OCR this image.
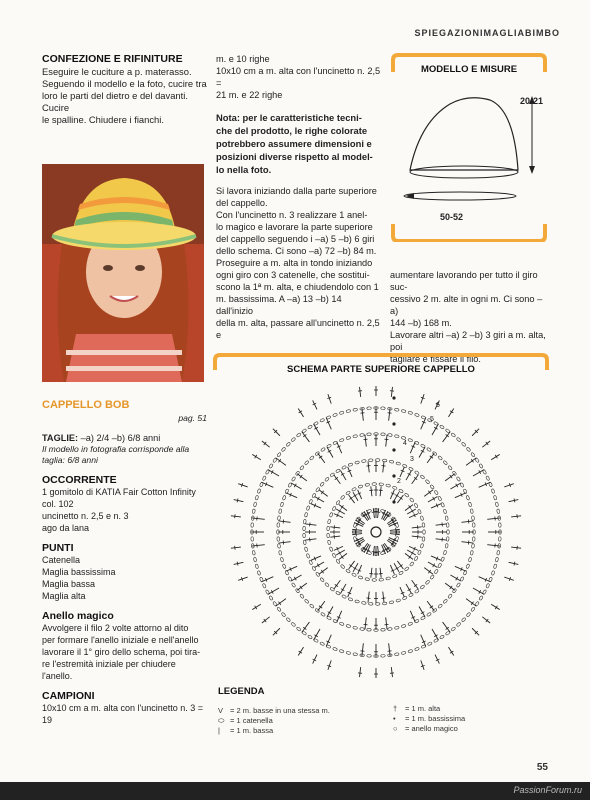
SPIEGAZIONIMAGLIABIMBO
CONFEZIONE E RIFINITURE
Eseguire le cuciture a p. materasso.
Seguendo il modello e la foto, cucire tra
loro le parti del dietro e del davanti. Cucire
le spalline. Chiudere i fianchi.
m. e 10 righe
10x10 cm a m. alta con l'uncinetto n. 2,5 =
21 m. e 22 righe
Nota: per le caratteristiche tecni-
che del prodotto, le righe colorate
potrebbero assumere dimensioni e
posizioni diverse rispetto al model-
lo nella foto.
Si lavora iniziando dalla parte superiore
del cappello.
Con l'uncinetto n. 3 realizzare 1 anel-
lo magico e lavorare la parte superiore
del cappello seguendo i –a) 5 –b) 6 giri
dello schema. Ci sono –a) 72 –b) 84 m.
Proseguire a m. alta in tondo iniziando
ogni giro con 3 catenelle, che sostitui-
scono la 1ª m. alta, e chiudendolo con 1
m. bassissima. A –a) 13 –b) 14 dall'inizio
della m. alta, passare all'uncinetto n. 2,5 e
MODELLO E MISURE
20-21
50-52
aumentare lavorando per tutto il giro suc-
cessivo 2 m. alte in ogni m. Ci sono –a)
144 –b) 168 m.
Lavorare altri –a) 2 –b) 3 giri a m. alta, poi
tagliare e fissare il filo.
CAPPELLO BOB
pag. 51
TAGLIE: –a) 2/4 –b) 6/8 anni
Il modello in fotografia corrisponde alla
taglia: 6/8 anni
OCCORRENTE
1 gomitolo di KATIA Fair Cotton Infinity
col. 102
uncinetto n. 2,5 e n. 3
ago da lana
PUNTI
Catenella
Maglia bassissima
Maglia bassa
Maglia alta
Anello magico
Avvolgere il filo 2 volte attorno al dito
per formare l'anello iniziale e nell'anello
lavorare il 1° giro dello schema, poi tira-
re l'estremità iniziale per chiudere l'anello.
CAMPIONI
10x10 cm a m. alta con l'uncinetto n. 3 = 19
SCHEMA PARTE SUPERIORE CAPPELLO
2
3
4
5
6
LEGENDA
V = 2 m. basse in una stessa m.
⬭ = 1 catenella
| = 1 m. bassa
† = 1 m. alta
• = 1 m. bassissima
○ = anello magico
55
PassionForum.ru
